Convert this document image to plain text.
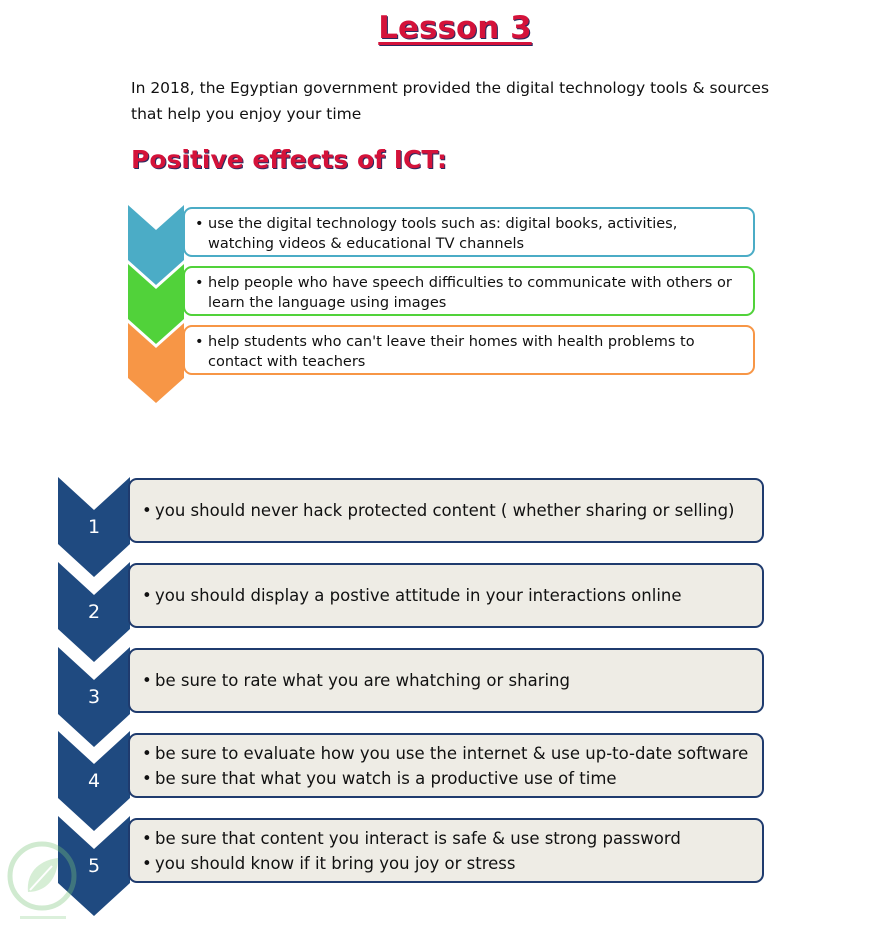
Lesson 3
In 2018, the Egyptian government provided the digital technology tools & sources that help you enjoy your time
Positive effects of ICT:
• use the digital technology tools such as: digital books, activities, watching videos & educational TV channels
• help people who have speech difficulties to communicate with others or learn the language using images
• help students who can't leave their homes with health problems to contact with teachers
1
2
3
4
5
• you should never hack protected content ( whether sharing or selling)
• you should display a postive attitude in your interactions online
• be sure to rate what you are whatching or sharing
• be sure to evaluate how you use the internet & use up-to-date software
• be sure that what you watch is a productive use of time
• be sure that content you interact is safe & use strong password
• you should know if it bring you joy or stress
